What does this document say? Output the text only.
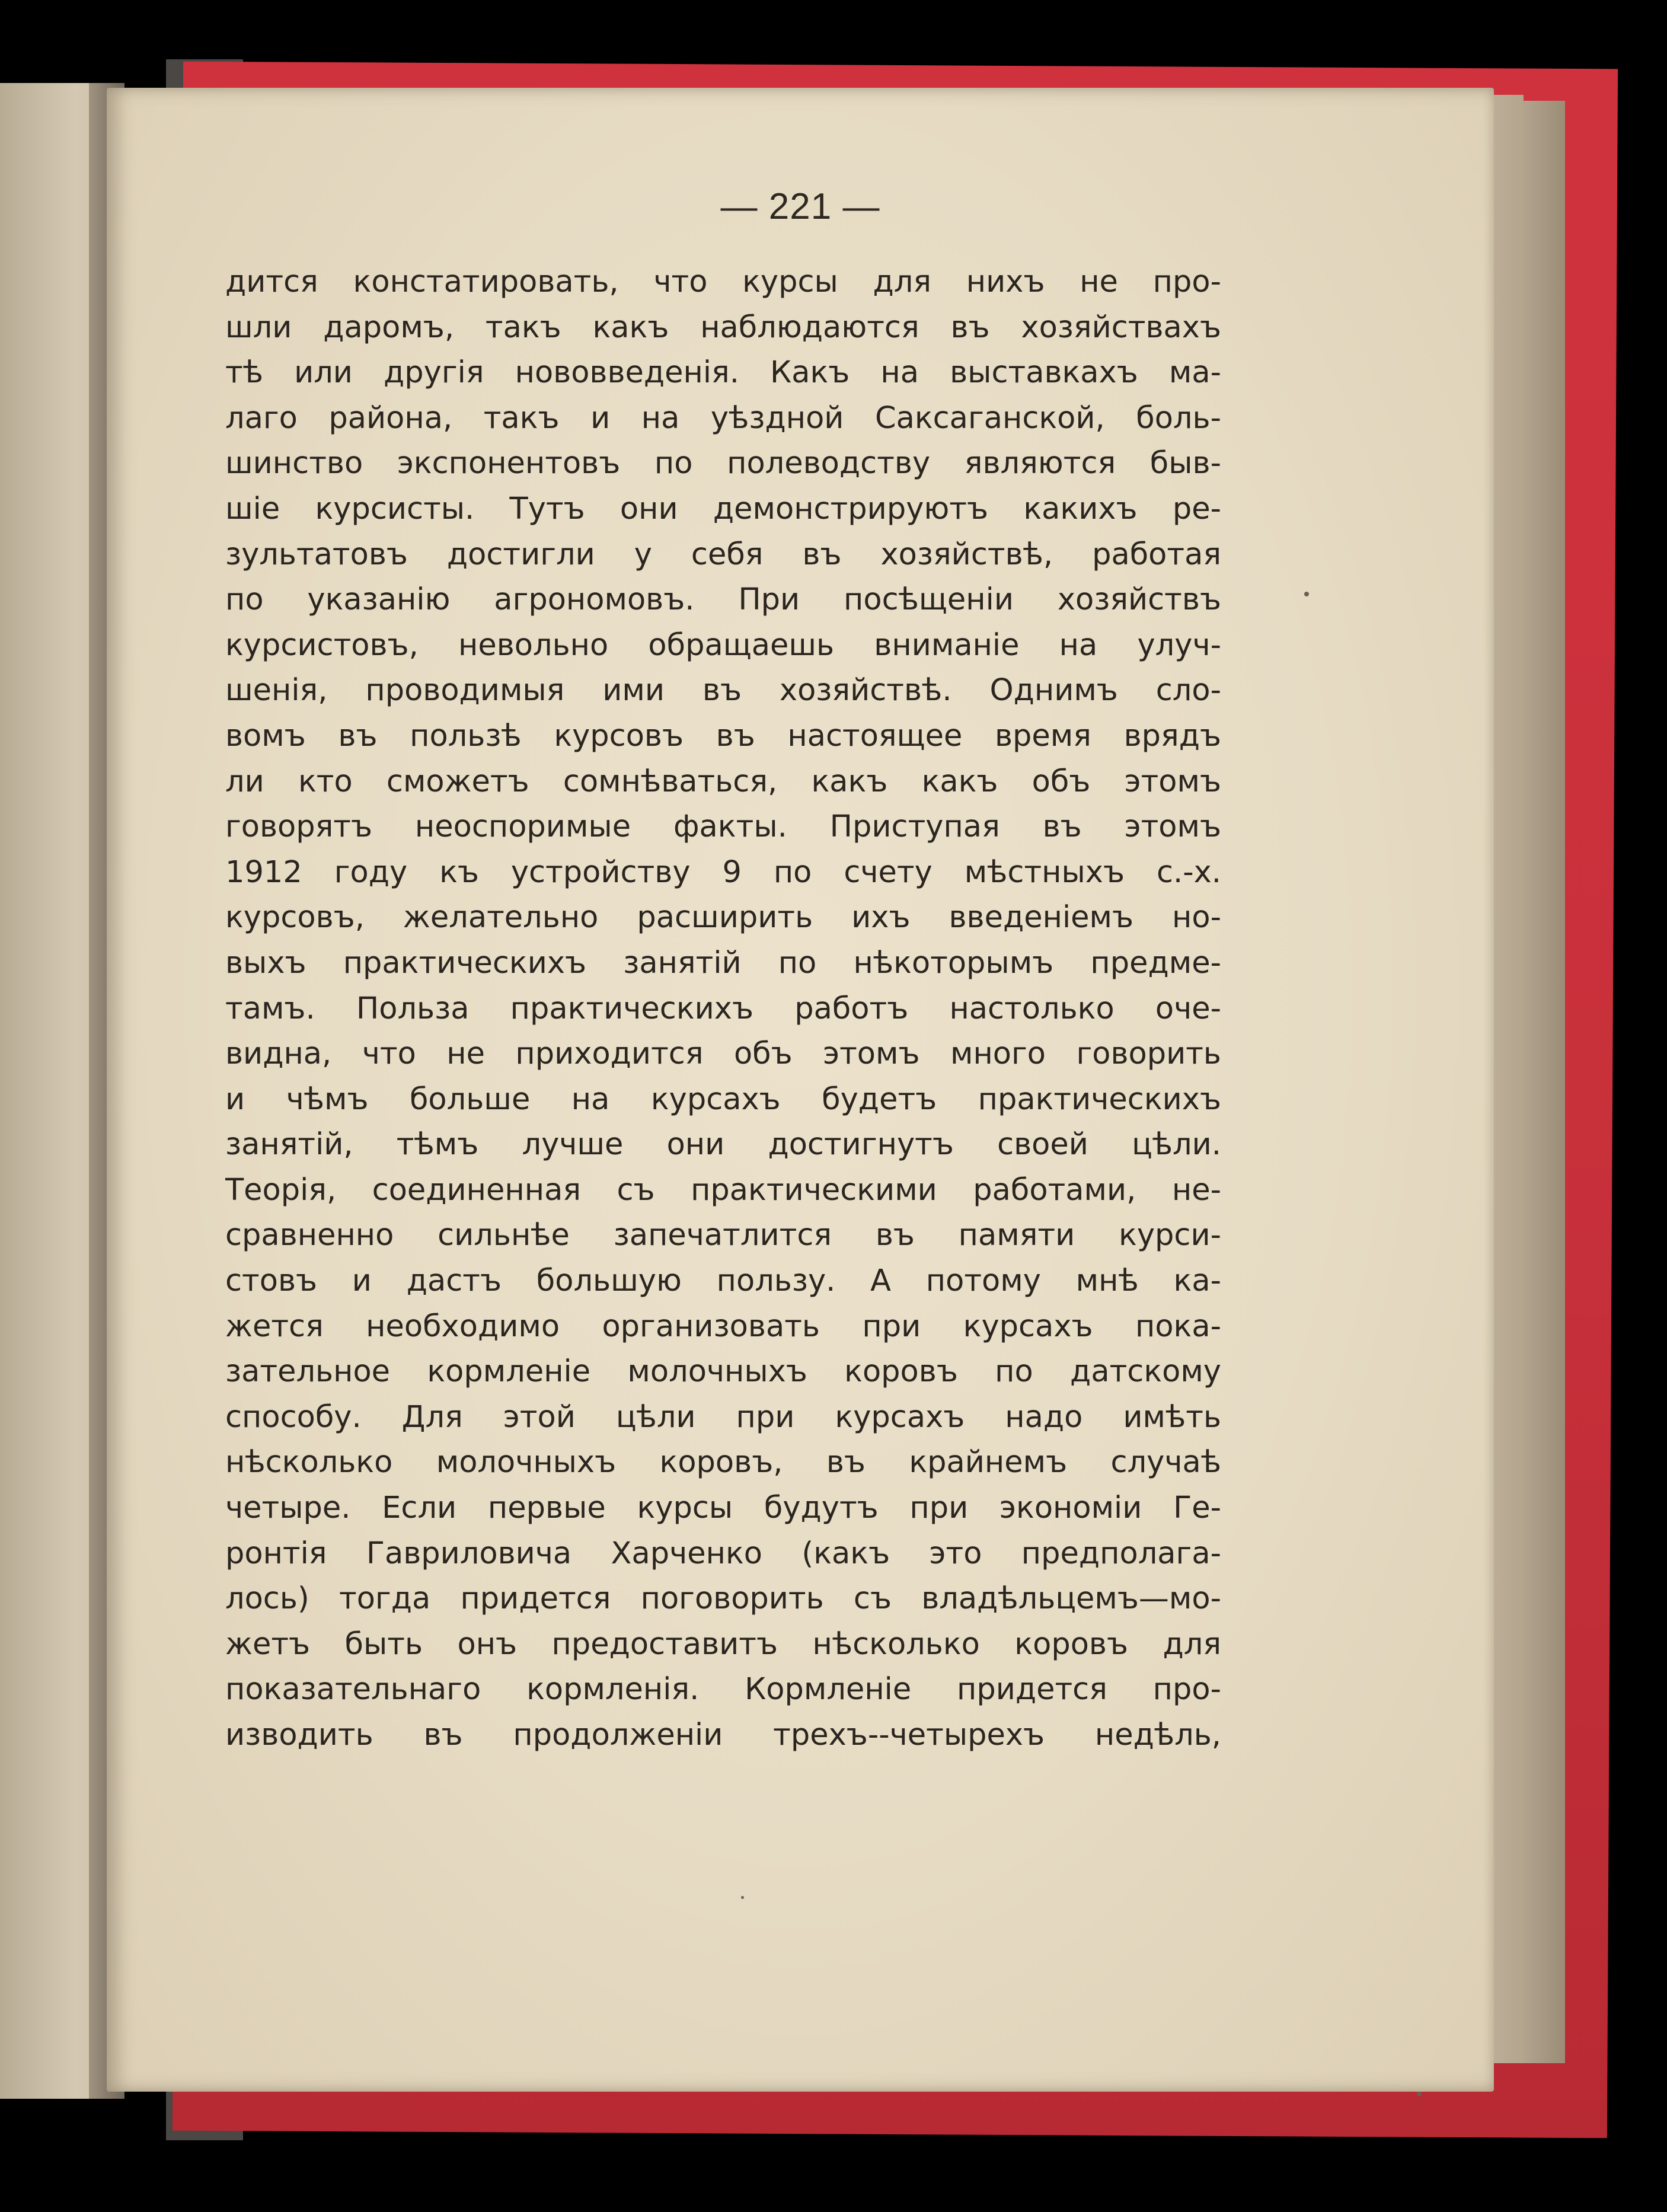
— 221 —
дится констатировать, что курсы для нихъ не про-
шли даромъ, такъ какъ наблюдаются въ хозяйствахъ
тѣ или другія нововведенія. Какъ на выставкахъ ма-
лаго района, такъ и на уѣздной Саксаганской, боль-
шинство экспонентовъ по полеводству являются быв-
шіе курсисты. Тутъ они демонстрируютъ какихъ ре-
зультатовъ достигли у себя въ хозяйствѣ, работая
по указанію агрономовъ. При посѣщеніи хозяйствъ
курсистовъ, невольно обращаешь вниманіе на улуч-
шенія, проводимыя ими въ хозяйствѣ. Однимъ сло-
вомъ въ пользѣ курсовъ въ настоящее время врядъ
ли кто сможетъ сомнѣваться, какъ какъ объ этомъ
говорятъ неоспоримые факты. Приступая въ этомъ
1912 году къ устройству 9 по счету мѣстныхъ с.-х.
курсовъ, желательно расширить ихъ введеніемъ но-
выхъ практическихъ занятій по нѣкоторымъ предме-
тамъ. Польза практическихъ работъ настолько оче-
видна, что не приходится объ этомъ много говорить
и чѣмъ больше на курсахъ будетъ практическихъ
занятій, тѣмъ лучше они достигнутъ своей цѣли.
Теорія, соединенная съ практическими работами, не-
сравненно сильнѣе запечатлится въ памяти курси-
стовъ и дастъ большую пользу. А потому мнѣ ка-
жется необходимо организовать при курсахъ пока-
зательное кормленіе молочныхъ коровъ по датскому
способу. Для этой цѣли при курсахъ надо имѣть
нѣсколько молочныхъ коровъ, въ крайнемъ случаѣ
четыре. Если первые курсы будутъ при экономіи Ге-
ронтія Гавриловича Харченко (какъ это предполага-
лось) тогда придется поговорить съ владѣльцемъ—мо-
жетъ быть онъ предоставитъ нѣсколько коровъ для
показательнаго кормленія. Кормленіе придется про-
изводить въ продолженіи трехъ--четырехъ недѣль,
